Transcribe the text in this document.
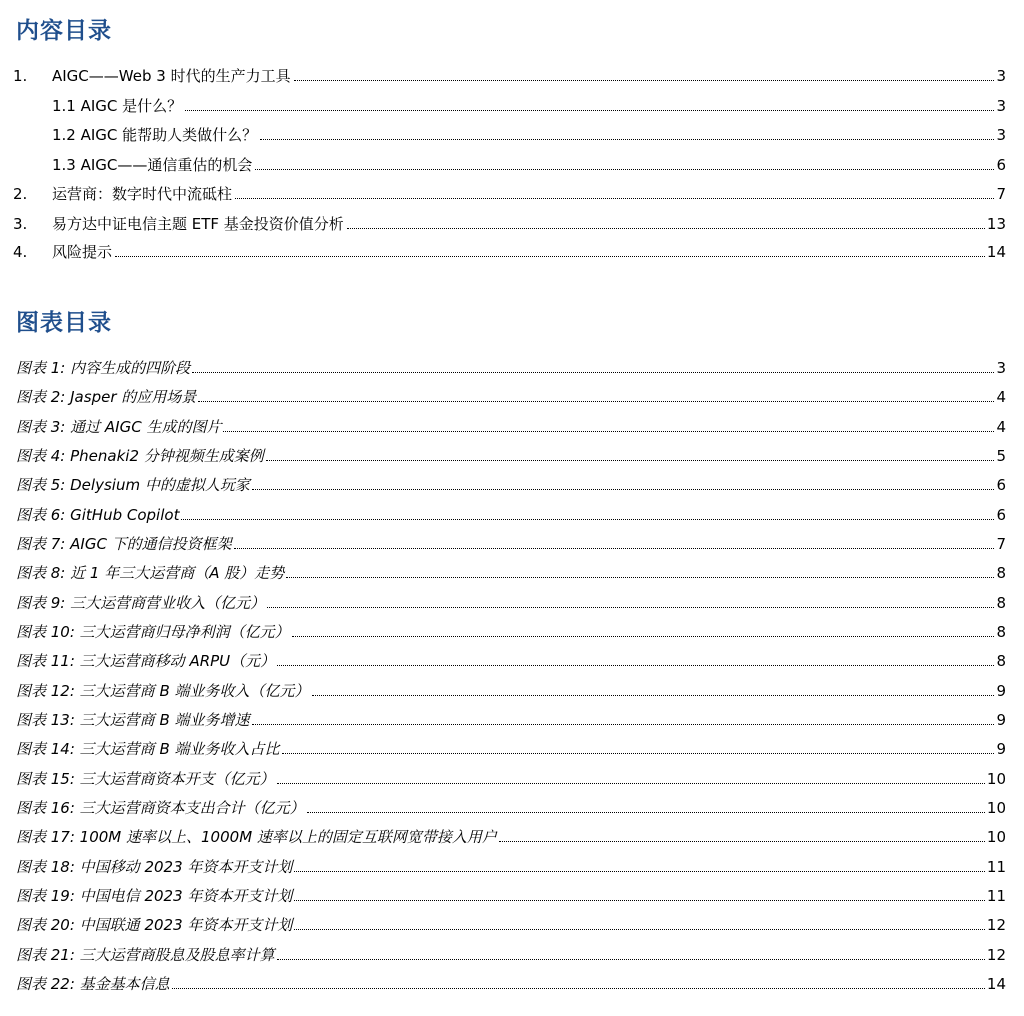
内容目录
1. AIGC——Web 3 时代的生产力工具	3
1.1 AIGC 是什么？	3
1.2 AIGC 能帮助人类做什么？	3
1.3 AIGC——通信重估的机会	6
2. 运营商：数字时代中流砥柱	7
3. 易方达中证电信主题 ETF 基金投资价值分析	13
4. 风险提示	14
图表目录
图表 1: 内容生成的四阶段	3
图表 2: Jasper 的应用场景	4
图表 3: 通过 AIGC 生成的图片	4
图表 4: Phenaki2 分钟视频生成案例	5
图表 5: Delysium 中的虚拟人玩家	6
图表 6: GitHub Copilot	6
图表 7: AIGC 下的通信投资框架	7
图表 8: 近 1 年三大运营商（A 股）走势	8
图表 9: 三大运营商营业收入（亿元）	8
图表 10: 三大运营商归母净利润（亿元）	8
图表 11: 三大运营商移动 ARPU（元）	8
图表 12: 三大运营商 B 端业务收入（亿元）	9
图表 13: 三大运营商 B 端业务增速	9
图表 14: 三大运营商 B 端业务收入占比	9
图表 15: 三大运营商资本开支（亿元）	10
图表 16: 三大运营商资本支出合计（亿元）	10
图表 17: 100M 速率以上、1000M 速率以上的固定互联网宽带接入用户	10
图表 18: 中国移动 2023 年资本开支计划	11
图表 19: 中国电信 2023 年资本开支计划	11
图表 20: 中国联通 2023 年资本开支计划	12
图表 21: 三大运营商股息及股息率计算	12
图表 22: 基金基本信息	14
